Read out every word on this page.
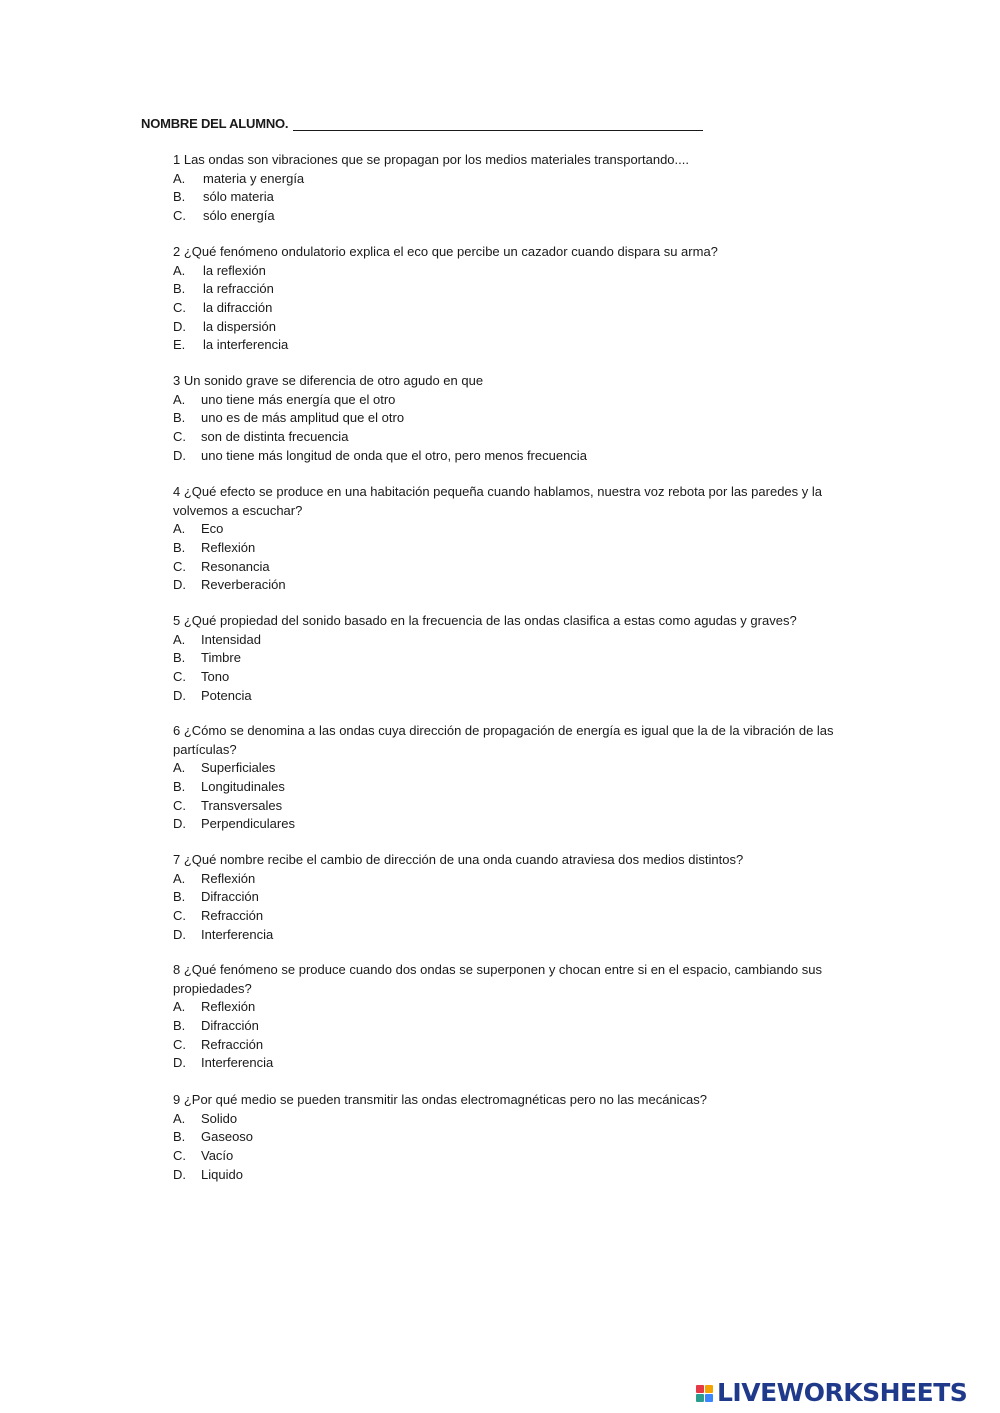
NOMBRE DEL ALUMNO.
1 Las ondas son vibraciones que se propagan por los medios materiales transportando....
A. materia y energía
B. sólo materia
C. sólo energía
2 ¿Qué fenómeno ondulatorio explica el eco que percibe un cazador cuando dispara su arma?
A. la reflexión
B. la refracción
C. la difracción
D. la dispersión
E. la interferencia
3 Un sonido grave se diferencia de otro agudo en que
A. uno tiene más energía que el otro
B. uno es de más amplitud que el otro
C. son de distinta frecuencia
D. uno tiene más longitud de onda que el otro, pero menos frecuencia
4 ¿Qué efecto se produce en una habitación pequeña cuando hablamos, nuestra voz rebota por las paredes y la volvemos a escuchar?
A. Eco
B. Reflexión
C. Resonancia
D. Reverberación
5 ¿Qué propiedad del sonido basado en la frecuencia de las ondas clasifica a estas como agudas y graves?
A. Intensidad
B. Timbre
C. Tono
D. Potencia
6 ¿Cómo se denomina a las ondas cuya dirección de propagación de energía es igual que la de la vibración de las partículas?
A. Superficiales
B. Longitudinales
C. Transversales
D. Perpendiculares
7 ¿Qué nombre recibe el cambio de dirección de una onda cuando atraviesa dos medios distintos?
A. Reflexión
B. Difracción
C. Refracción
D. Interferencia
8 ¿Qué fenómeno se produce cuando dos ondas se superponen y chocan entre si en el espacio, cambiando sus propiedades?
A. Reflexión
B. Difracción
C. Refracción
D. Interferencia
9 ¿Por qué medio se pueden transmitir las ondas electromagnéticas pero no las mecánicas?
A. Solido
B. Gaseoso
C. Vacío
D. Liquido
LIVEWORKSHEETS
